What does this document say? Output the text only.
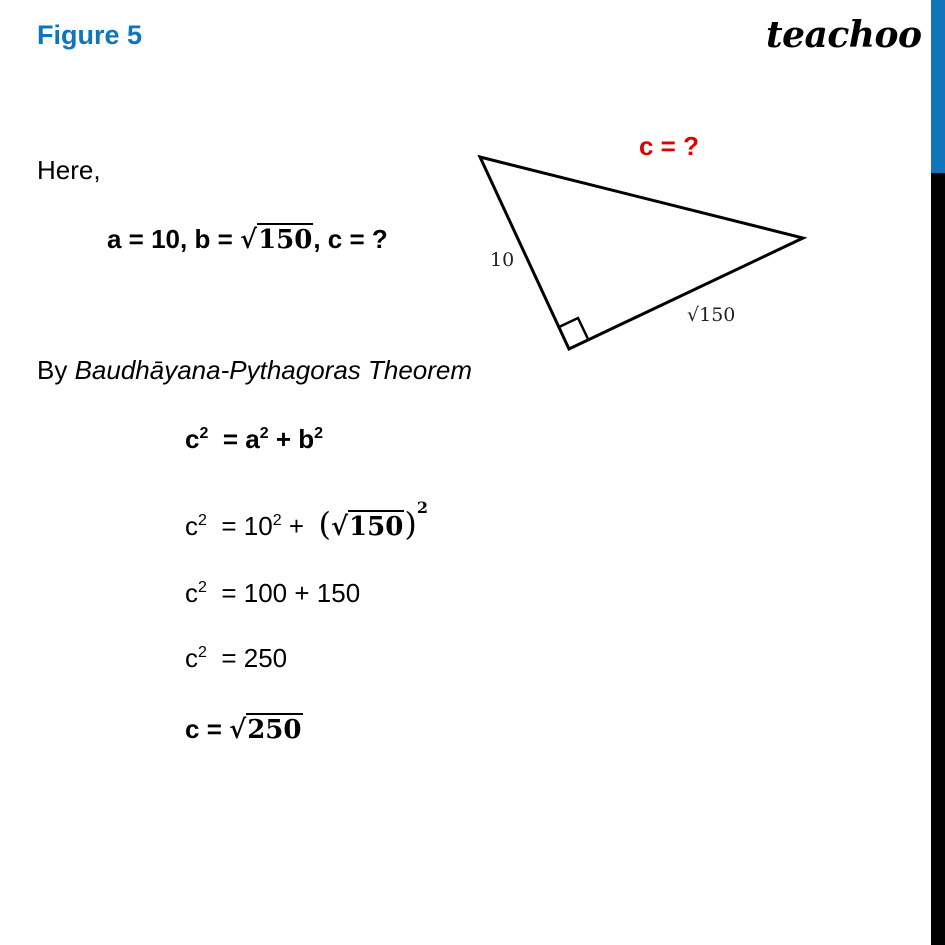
Figure 5	teachoo
Here,
a = 10, b = √150, c = ?
By Baudhāyana-Pythagoras Theorem
$c^2 = a^2 + b^2$
$c^2 = 10^2 + (√150)^2$
$c^2 = 100 + 150$
$c^2 = 250$
c = √250
c = ?
10
√150
